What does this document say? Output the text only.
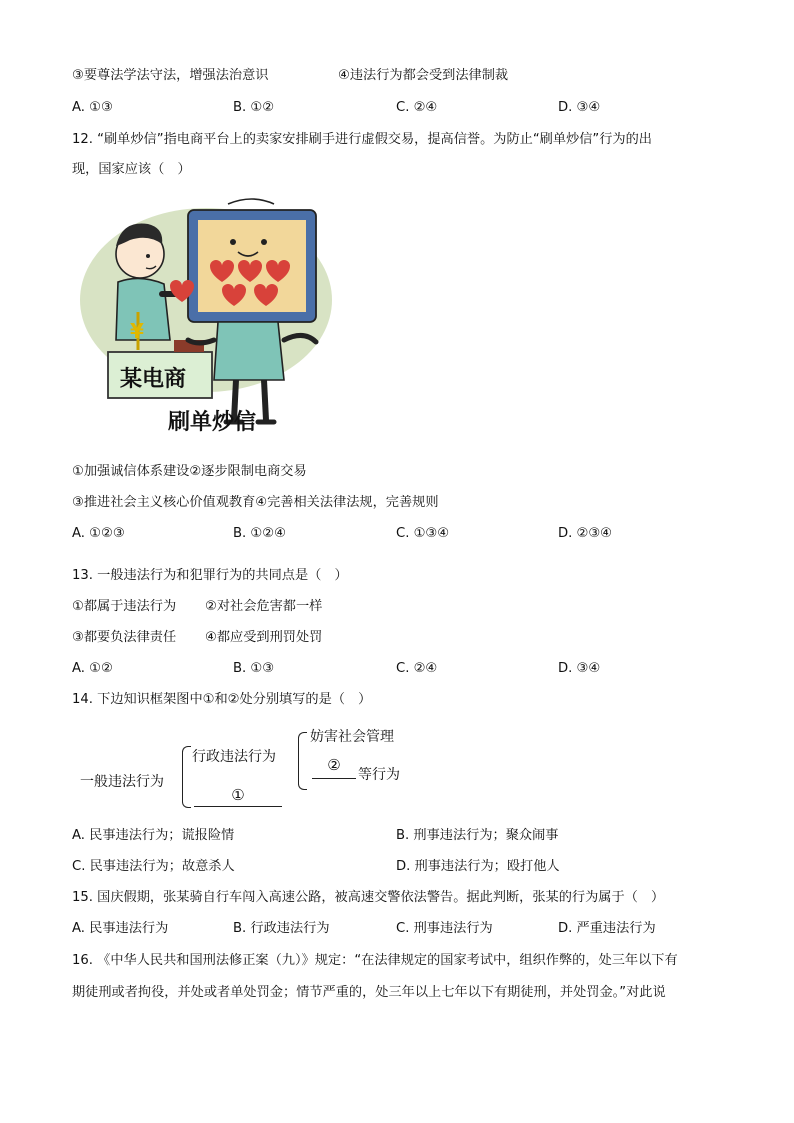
③要尊法学法守法，增强法治意识	④违法行为都会受到法律制裁
A. ①③	B. ①②	C. ②④	D. ③④
12. “刷单炒信”指电商平台上的卖家安排刷手进行虚假交易，提高信誉。为防止“刷单炒信”行为的出
现，国家应该（　）
¥
某电商
刷单炒信
①加强诚信体系建设②逐步限制电商交易
③推进社会主义核心价值观教育④完善相关法律法规，完善规则
A. ①②③	B. ①②④	C. ①③④	D. ②③④
13. 一般违法行为和犯罪行为的共同点是（　）
①都属于违法行为 ②对社会危害都一样
③都要负法律责任 ④都应受到刑罚处罚
A. ①②	B. ①③	C. ②④	D. ③④
14. 下边知识框架图中①和②处分别填写的是（　）
一般违法行为
行政违法行为
①
妨害社会管理
②
等行为
A. 民事违法行为；谎报险情	B. 刑事违法行为；聚众闹事
C. 民事违法行为；故意杀人	D. 刑事违法行为；殴打他人
15. 国庆假期，张某骑自行车闯入高速公路，被高速交警依法警告。据此判断，张某的行为属于（　）
A. 民事违法行为	B. 行政违法行为	C. 刑事违法行为	D. 严重违法行为
16. 《中华人民共和国刑法修正案（九）》规定：“在法律规定的国家考试中，组织作弊的，处三年以下有
期徒刑或者拘役，并处或者单处罚金；情节严重的，处三年以上七年以下有期徒刑，并处罚金。”对此说
